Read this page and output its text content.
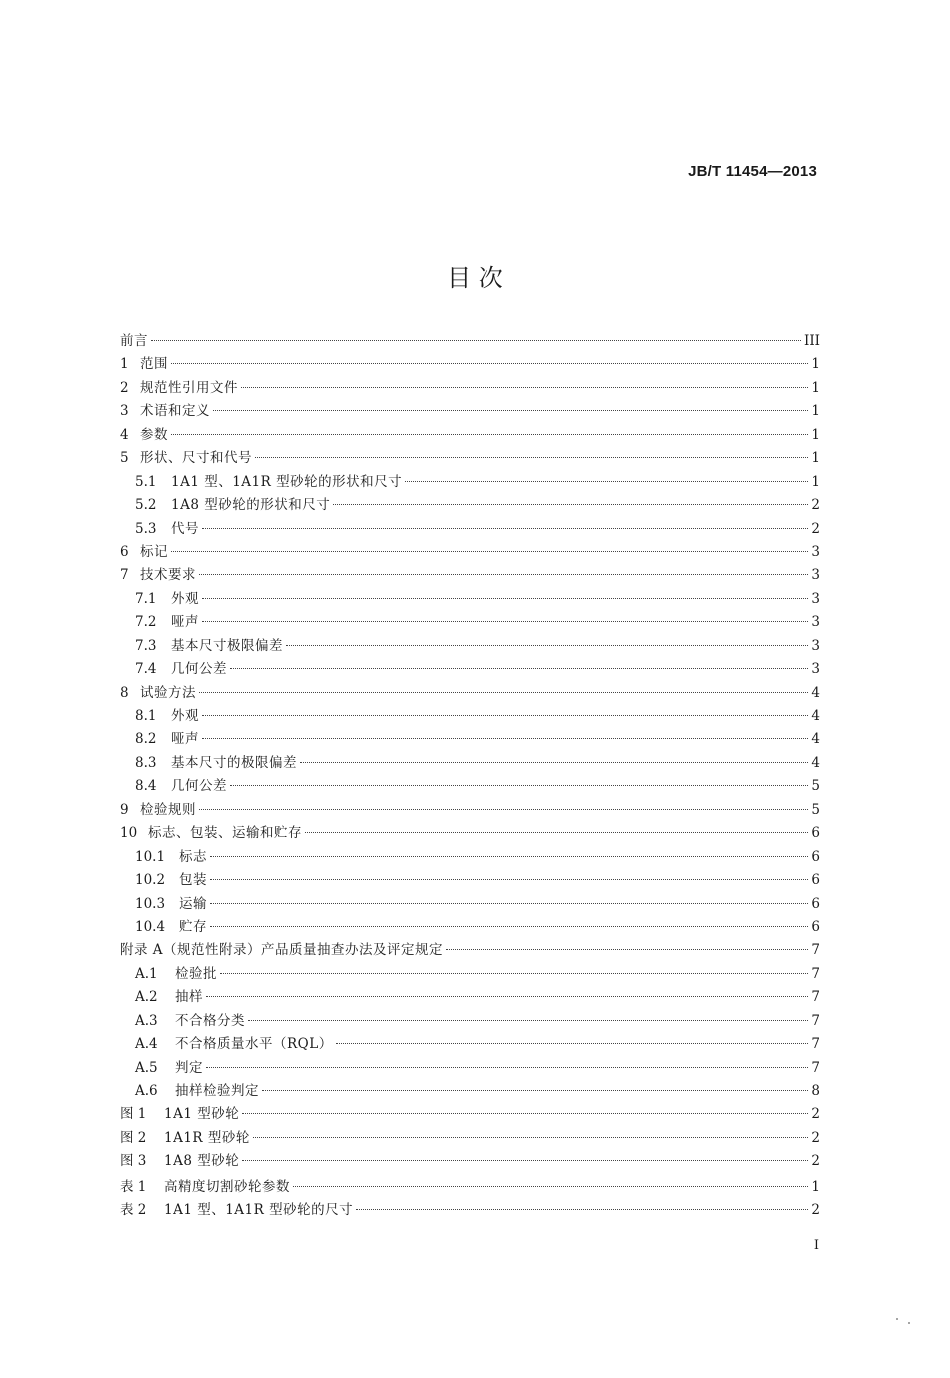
JB/T 11454—2013
目 次
前言	III
1 范围	1
2 规范性引用文件	1
3 术语和定义	1
4 参数	1
5 形状、尺寸和代号	1
5.1	1A1 型、1A1R 型砂轮的形状和尺寸	1
5.2	1A8 型砂轮的形状和尺寸	2
5.3	代号	2
6 标记	3
7 技术要求	3
7.1	外观	3
7.2	哑声	3
7.3	基本尺寸极限偏差	3
7.4	几何公差	3
8 试验方法	4
8.1	外观	4
8.2	哑声	4
8.3	基本尺寸的极限偏差	4
8.4	几何公差	5
9 检验规则	5
10 标志、包装、运输和贮存	6
10.1	标志	6
10.2	包装	6
10.3	运输	6
10.4	贮存	6
附录 A（规范性附录）产品质量抽查办法及评定规定	7
A.1	检验批	7
A.2	抽样	7
A.3	不合格分类	7
A.4	不合格质量水平（RQL）	7
A.5	判定	7
A.6	抽样检验判定	8
图 1	1A1 型砂轮	2
图 2	1A1R 型砂轮	2
图 3	1A8 型砂轮	2
表 1	高精度切割砂轮参数	1
表 2	1A1 型、1A1R 型砂轮的尺寸	2
I
